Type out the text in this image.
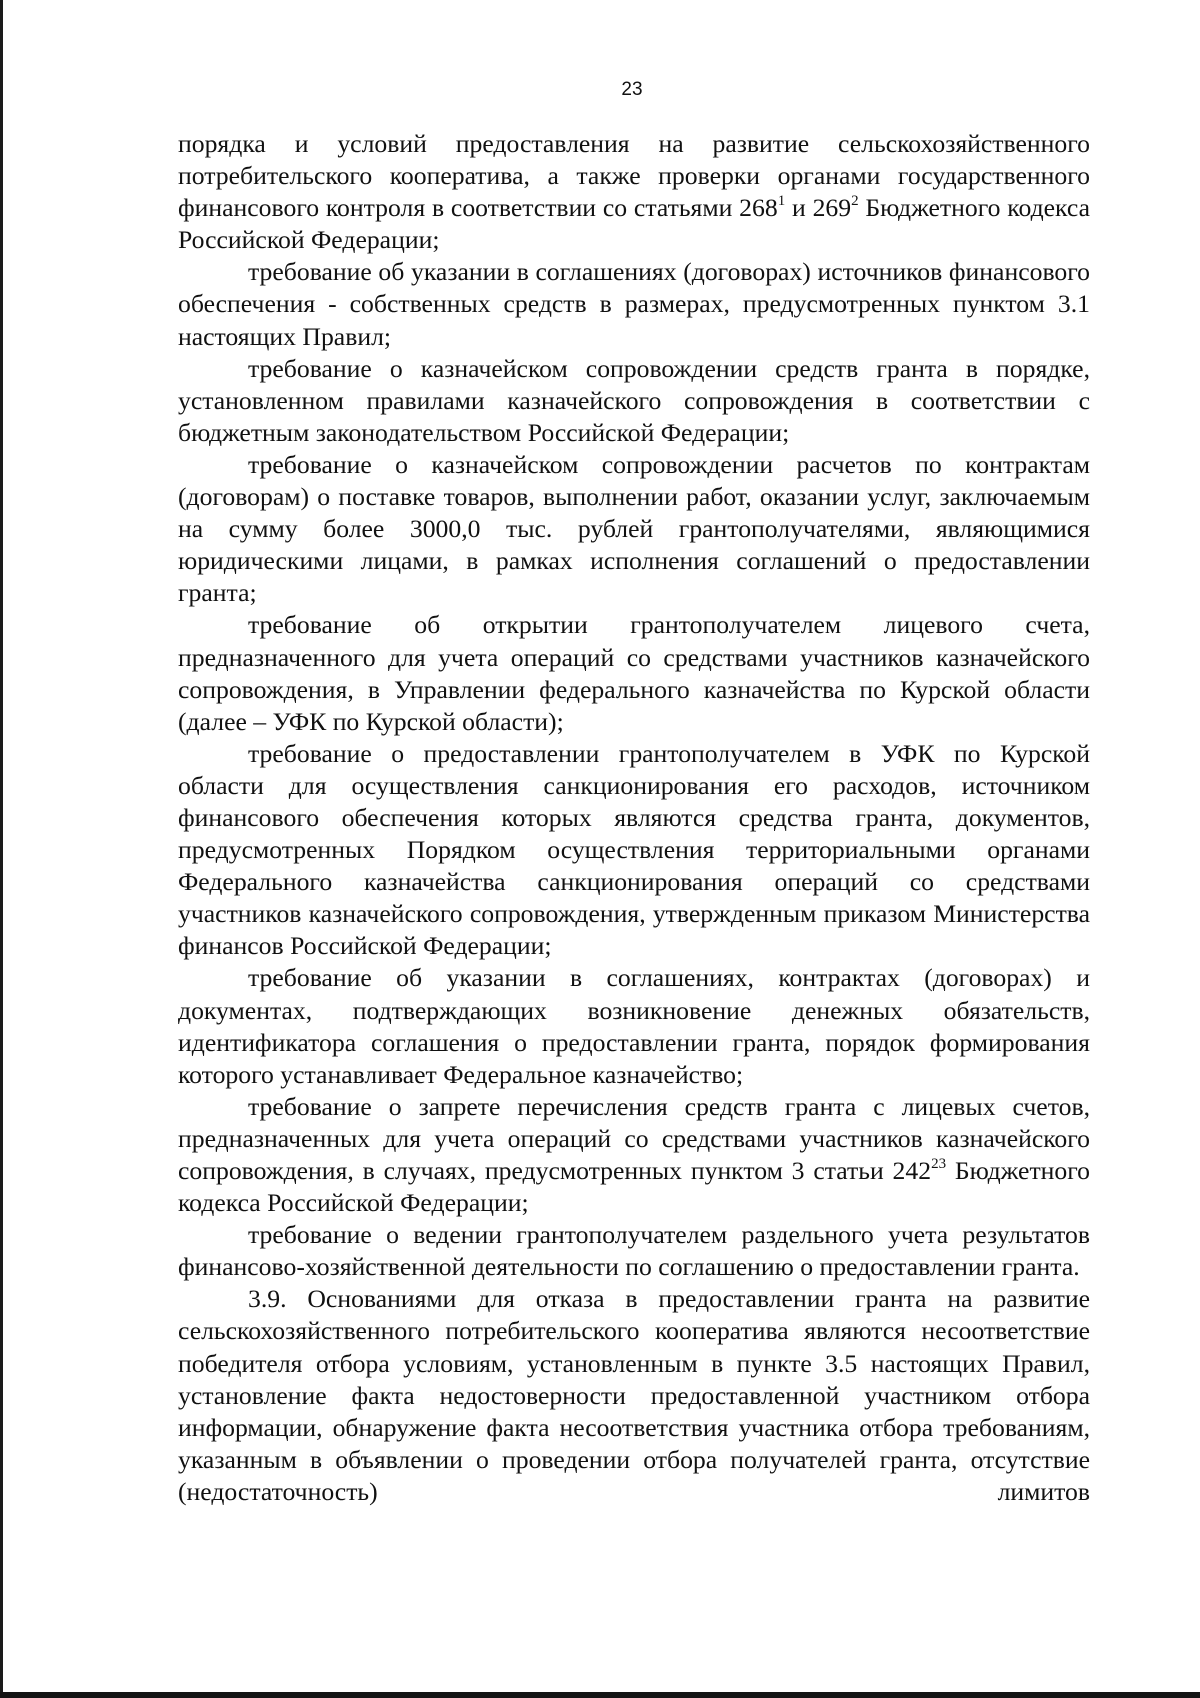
23

порядка и условий предоставления на развитие сельскохозяйственного потребительского кооператива, а также проверки органами государственного финансового контроля в соответствии со статьями $268^1$ и $269^2$ Бюджетного кодекса Российской Федерации;

требование об указании в соглашениях (договорах) источников финансового обеспечения - собственных средств в размерах, предусмотренных пунктом 3.1 настоящих Правил;

требование о казначейском сопровождении средств гранта в порядке, установленном правилами казначейского сопровождения в соответствии с бюджетным законодательством Российской Федерации;

требование о казначейском сопровождении расчетов по контрактам (договорам) о поставке товаров, выполнении работ, оказании услуг, заключаемым на сумму более 3000,0 тыс. рублей грантополучателями, являющимися юридическими лицами, в рамках исполнения соглашений о предоставлении гранта;

требование об открытии грантополучателем лицевого счета, предназначенного для учета операций со средствами участников казначейского сопровождения, в Управлении федерального казначейства по Курской области (далее – УФК по Курской области);

требование о предоставлении грантополучателем в УФК по Курской области для осуществления санкционирования его расходов, источником финансового обеспечения которых являются средства гранта, документов, предусмотренных Порядком осуществления территориальными органами Федерального казначейства санкционирования операций со средствами участников казначейского сопровождения, утвержденным приказом Министерства финансов Российской Федерации;

требование об указании в соглашениях, контрактах (договорах) и документах, подтверждающих возникновение денежных обязательств, идентификатора соглашения о предоставлении гранта, порядок формирования которого устанавливает Федеральное казначейство;

требование о запрете перечисления средств гранта с лицевых счетов, предназначенных для учета операций со средствами участников казначейского сопровождения, в случаях, предусмотренных пунктом 3 статьи $242^{23}$ Бюджетного кодекса Российской Федерации;

требование о ведении грантополучателем раздельного учета результатов финансово-хозяйственной деятельности по соглашению о предоставлении гранта.

3.9. Основаниями для отказа в предоставлении гранта на развитие сельскохозяйственного потребительского кооператива являются несоответствие победителя отбора условиям, установленным в пункте 3.5 настоящих Правил, установление факта недостоверности предоставленной участником отбора информации, обнаружение факта несоответствия участника отбора требованиям, указанным в объявлении о проведении отбора получателей гранта, отсутствие (недостаточность) лимитов
